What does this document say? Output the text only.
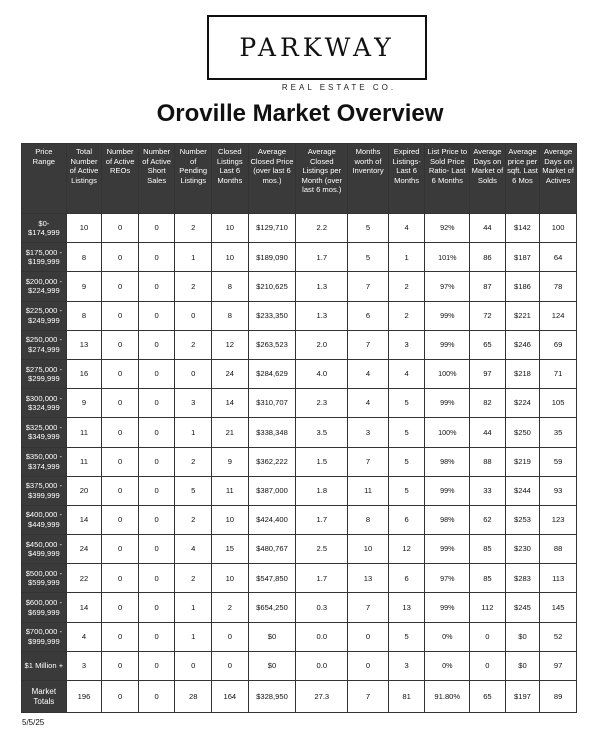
PARKWAY
REAL ESTATE CO.
Oroville Market Overview
Price Range	Total Number of Active Listings	Number of Active REOs	Number of Active Short Sales	Number of Pending Listings	Closed Listings Last 6 Months	Average Closed Price (over last 6 mos.)	Average Closed Listings per Month (over last 6 mos.)	Months worth of Inventory	Expired Listings- Last 6 Months	List Price to Sold Price Ratio- Last 6 Months	Average Days on Market of Solds	Average price per sqft. Last 6 Mos	Average Days on Market of Actives
$0- $174,999	10	0	0	2	10	$129,710	2.2	5	4	92%	44	$142	100
$175,000 - $199,999	8	0	0	1	10	$189,090	1.7	5	1	101%	86	$187	64
$200,000 - $224,999	9	0	0	2	8	$210,625	1.3	7	2	97%	87	$186	78
$225,000 - $249,999	8	0	0	0	8	$233,350	1.3	6	2	99%	72	$221	124
$250,000 - $274,999	13	0	0	2	12	$263,523	2.0	7	3	99%	65	$246	69
$275,000 - $299,999	16	0	0	0	24	$284,629	4.0	4	4	100%	97	$218	71
$300,000 - $324,999	9	0	0	3	14	$310,707	2.3	4	5	99%	82	$224	105
$325,000 - $349,999	11	0	0	1	21	$338,348	3.5	3	5	100%	44	$250	35
$350,000 - $374,999	11	0	0	2	9	$362,222	1.5	7	5	98%	88	$219	59
$375,000 - $399,999	20	0	0	5	11	$387,000	1.8	11	5	99%	33	$244	93
$400,000 - $449,999	14	0	0	2	10	$424,400	1.7	8	6	98%	62	$253	123
$450,000 - $499,999	24	0	0	4	15	$480,767	2.5	10	12	99%	85	$230	88
$500,000 - $599,999	22	0	0	2	10	$547,850	1.7	13	6	97%	85	$283	113
$600,000 - $699,999	14	0	0	1	2	$654,250	0.3	7	13	99%	112	$245	145
$700,000 - $999,999	4	0	0	1	0	$0	0.0	0	5	0%	0	$0	52
$1 Million +	3	0	0	0	0	$0	0.0	0	3	0%	0	$0	97
Market Totals	196	0	0	28	164	$328,950	27.3	7	81	91.80%	65	$197	89
5/5/25
